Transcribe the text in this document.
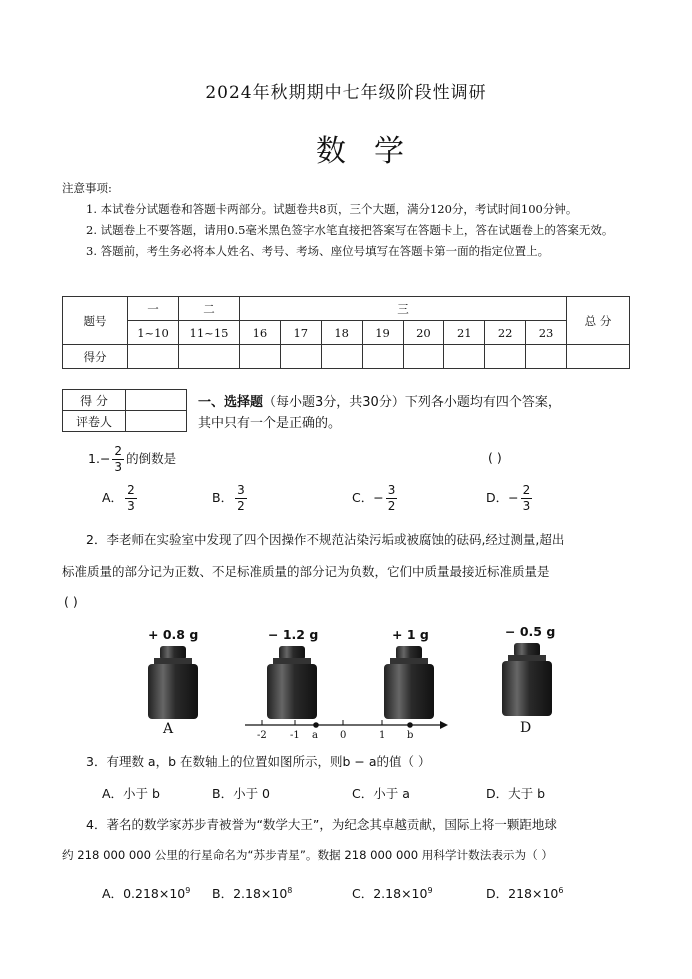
2024年秋期期中七年级阶段性调研
数学
注意事项:
1. 本试卷分试题卷和答题卡两部分。试题卷共8页，三个大题，满分120分，考试时间100分钟。
2. 试题卷上不要答题，请用0.5毫米黑色签字水笔直接把答案写在答题卡上，答在试题卷上的答案无效。
3. 答题前，考生务必将本人姓名、考号、考场、座位号填写在答题卡第一面的指定位置上。
题号	一	二	三								总 分
	1~10	11~15	16	17	18	19	20	21	22	23	
得分											
得 分	
评卷人	
一、选择题（每小题3分，共30分）下列各小题均有四个答案，
其中只有一个是正确的。
$1.- \frac{2}{3}$ 的倒数是	( )
A． $\frac{2}{3}$	B． $\frac{3}{2}$	C．− $\frac{3}{2}$	D．− $\frac{2}{3}$
2．李老师在实验室中发现了四个因操作不规范沾染污垢或被腐蚀的砝码,经过测量,超出
标准质量的部分记为正数、不足标准质量的部分记为负数，它们中质量最接近标准质量是
( )
+ 0.8 g	− 1.2 g	+ 1 g	− 0.5 g
A	D
-2 -1 a 0	1 b
3．有理数 a，b 在数轴上的位置如图所示，则b − a的值（ ）
A．小于 b	B．小于 0	C．小于 a	D．大于 b
4．著名的数学家苏步青被誉为“数学大王”，为纪念其卓越贡献，国际上将一颗距地球
约 218 000 000 公里的行星命名为“苏步青星”。数据 218 000 000 用科学计数法表示为（ ）
A．$0.218\times 10^9$ B．$2.18\times 10^8$	C．$2.18\times 10^9$	D．$218\times 10^6$
